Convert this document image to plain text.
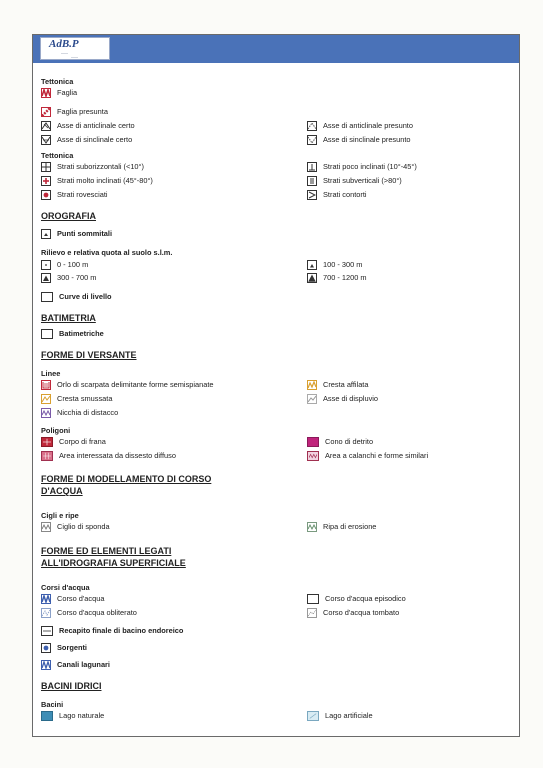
AdB.P
——
——
Tettonica
Faglia
Faglia presunta
Asse di anticlinale certo
Asse di sinclinale certo
Asse di anticlinale presunto
Asse di sinclinale presunto
Tettonica
Strati suborizzontali (<10°)
Strati molto inclinati (45°-80°)
Strati rovesciati
Strati poco inclinati (10°-45°)
Strati subverticali (>80°)
Strati contorti
OROGRAFIA
Punti sommitali
Rilievo e relativa quota al suolo s.l.m.
0 - 100 m
300 - 700 m
100 - 300 m
700 - 1200 m
Curve di livello
BATIMETRIA
Batimetriche
FORME DI VERSANTE
Linee
Orlo di scarpata delimitante forme semispianate
Cresta smussata
Nicchia di distacco
Cresta affilata
Asse di displuvio
Poligoni
Corpo di frana
Area interessata da dissesto diffuso
Cono di detrito
Area a calanchi e forme similari
FORME DI MODELLAMENTO DI CORSO
D'ACQUA
Cigli e ripe
Ciglio di sponda	Ripa di erosione
FORME ED ELEMENTI LEGATI
ALL'IDROGRAFIA SUPERFICIALE
Corsi d'acqua
Corso d'acqua
Corso d'acqua obliterato
Corso d'acqua episodico
Corso d'acqua tombato
Recapito finale di bacino endoreico
Sorgenti
Canali lagunari
BACINI IDRICI
Bacini
Lago naturale	Lago artificiale
